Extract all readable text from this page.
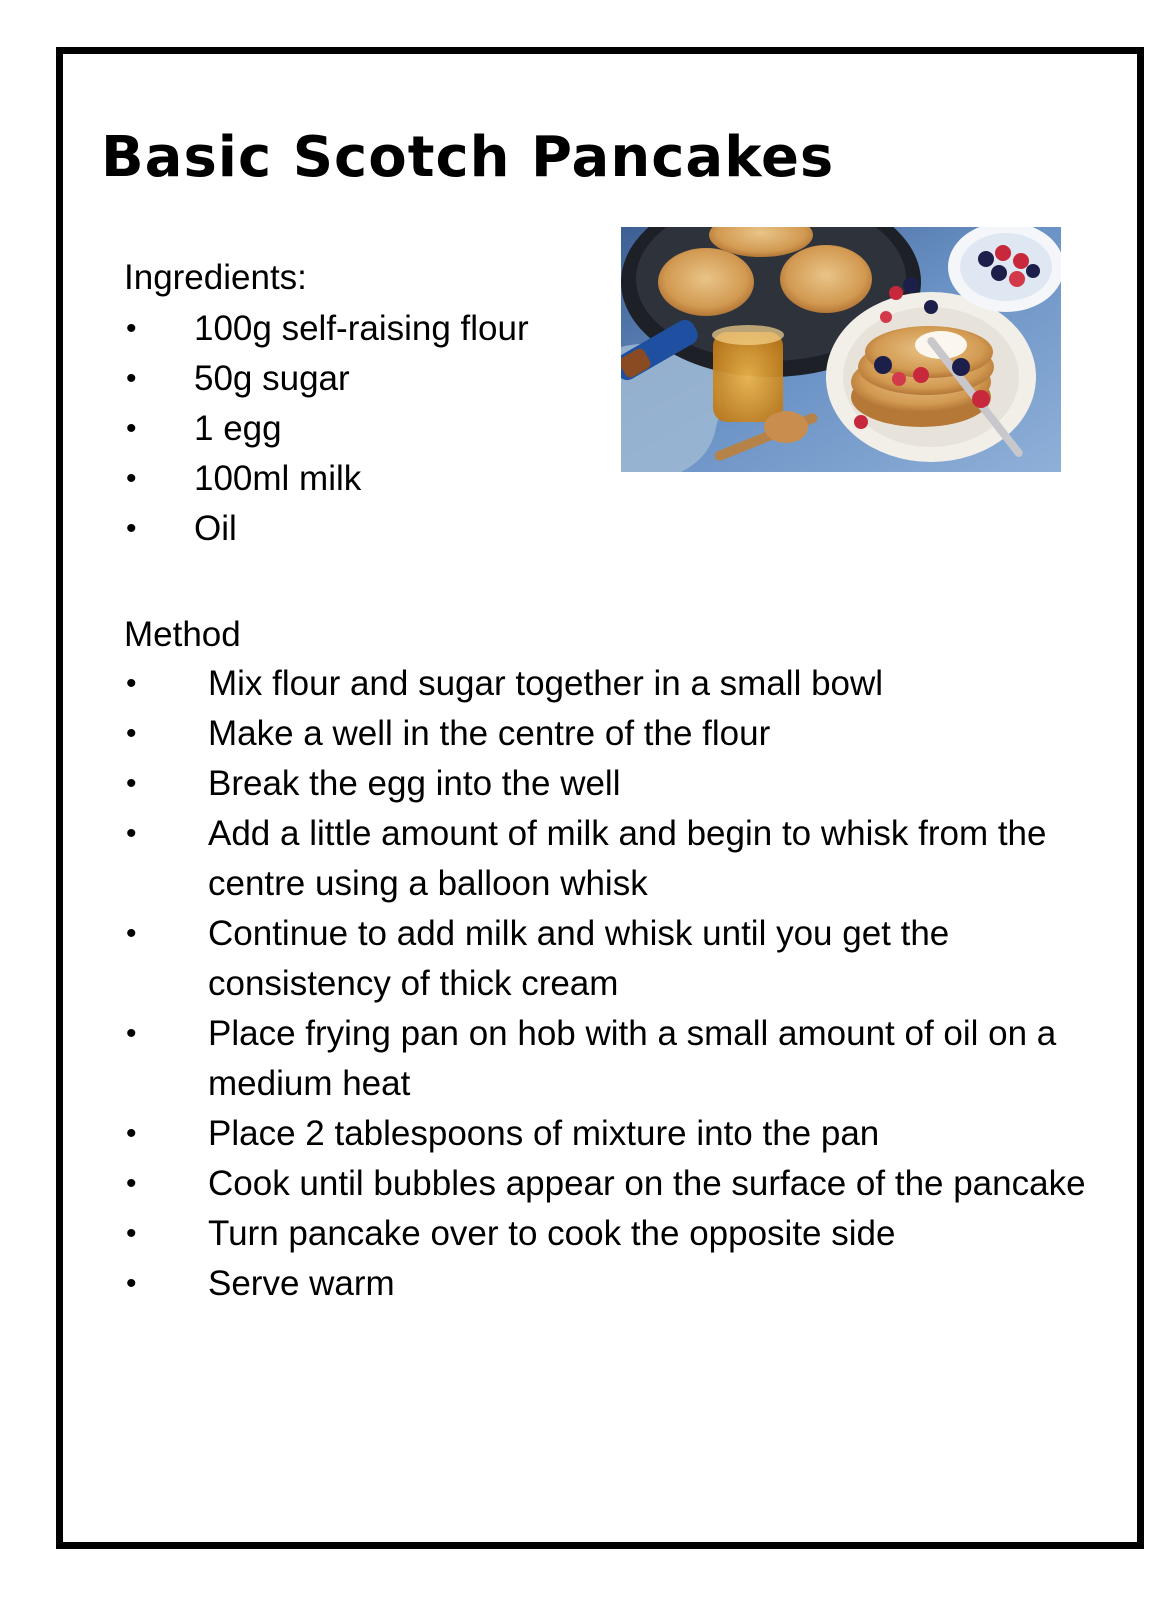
Basic Scotch Pancakes
Ingredients:
• 100g self-raising flour
• 50g sugar
• 1 egg
• 100ml milk
• Oil
Method
• Mix flour and sugar together in a small bowl
• Make a well in the centre of the flour
• Break the egg into the well
• Add a little amount of milk and begin to whisk from the centre using a balloon whisk
• Continue to add milk and whisk until you get the consistency of thick cream
• Place frying pan on hob with a small amount of oil on a medium heat
• Place 2 tablespoons of mixture into the pan
• Cook until bubbles appear on the surface of the pancake
• Turn pancake over to cook the opposite side
• Serve warm
